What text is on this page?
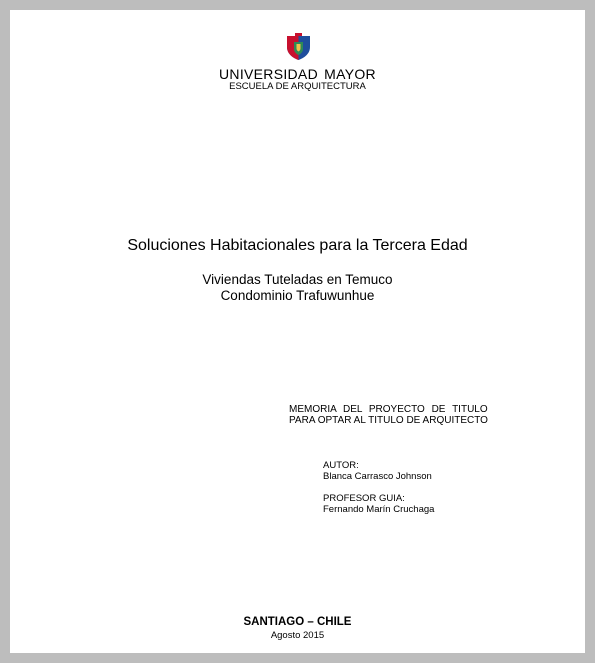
UNIVERSIDAD MAYOR
ESCUELA DE ARQUITECTURA
Soluciones Habitacionales para la Tercera Edad
Viviendas Tuteladas en Temuco
Condominio Trafuwunhue
MEMORIA DEL PROYECTO DE TITULO
PARA OPTAR AL TITULO DE ARQUITECTO
AUTOR:
Blanca Carrasco Johnson
PROFESOR GUIA:
Fernando Marín Cruchaga
SANTIAGO – CHILE
Agosto 2015
